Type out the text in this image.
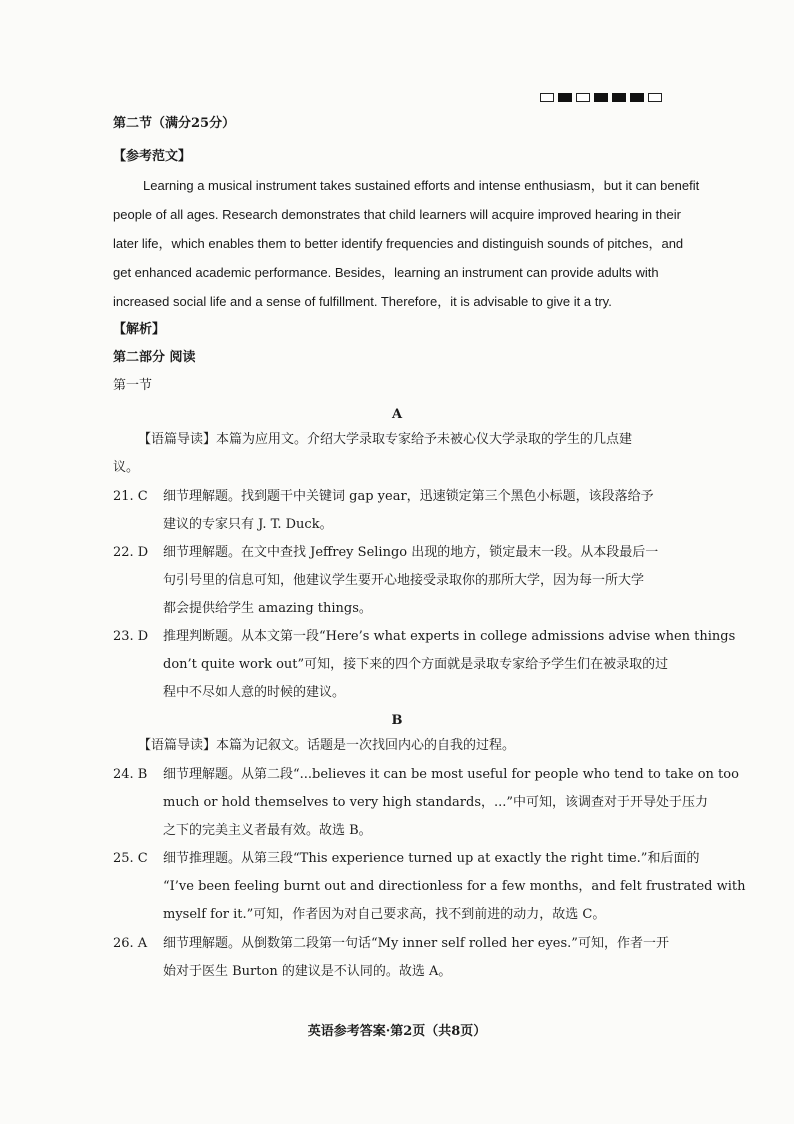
第二节（满分25分）
【参考范文】
Learning a musical instrument takes sustained efforts and intense enthusiasm，but it can benefit
people of all ages. Research demonstrates that child learners will acquire improved hearing in their
later life，which enables them to better identify frequencies and distinguish sounds of pitches，and
get enhanced academic performance. Besides，learning an instrument can provide adults with
increased social life and a sense of fulfillment. Therefore，it is advisable to give it a try.
【解析】
第二部分 阅读
第一节
A
【语篇导读】本篇为应用文。介绍大学录取专家给予未被心仪大学录取的学生的几点建
议。
21. C 细节理解题。找到题干中关键词 gap year，迅速锁定第三个黑色小标题，该段落给予
建议的专家只有 J. T. Duck。
22. D 细节理解题。在文中查找 Jeffrey Selingo 出现的地方，锁定最末一段。从本段最后一
句引号里的信息可知，他建议学生要开心地接受录取你的那所大学，因为每一所大学
都会提供给学生 amazing things。
23. D 推理判断题。从本文第一段“Here’s what experts in college admissions advise when things
don’t quite work out”可知，接下来的四个方面就是录取专家给予学生们在被录取的过
程中不尽如人意的时候的建议。
B
【语篇导读】本篇为记叙文。话题是一次找回内心的自我的过程。
24. B 细节理解题。从第二段“...believes it can be most useful for people who tend to take on too
much or hold themselves to very high standards，...”中可知，该调查对于开导处于压力
之下的完美主义者最有效。故选 B。
25. C 细节推理题。从第三段“This experience turned up at exactly the right time.”和后面的
“I’ve been feeling burnt out and directionless for a few months，and felt frustrated with
myself for it.”可知，作者因为对自己要求高，找不到前进的动力，故选 C。
26. A 细节理解题。从倒数第二段第一句话“My inner self rolled her eyes.”可知，作者一开
始对于医生 Burton 的建议是不认同的。故选 A。
英语参考答案·第2页（共8页）
